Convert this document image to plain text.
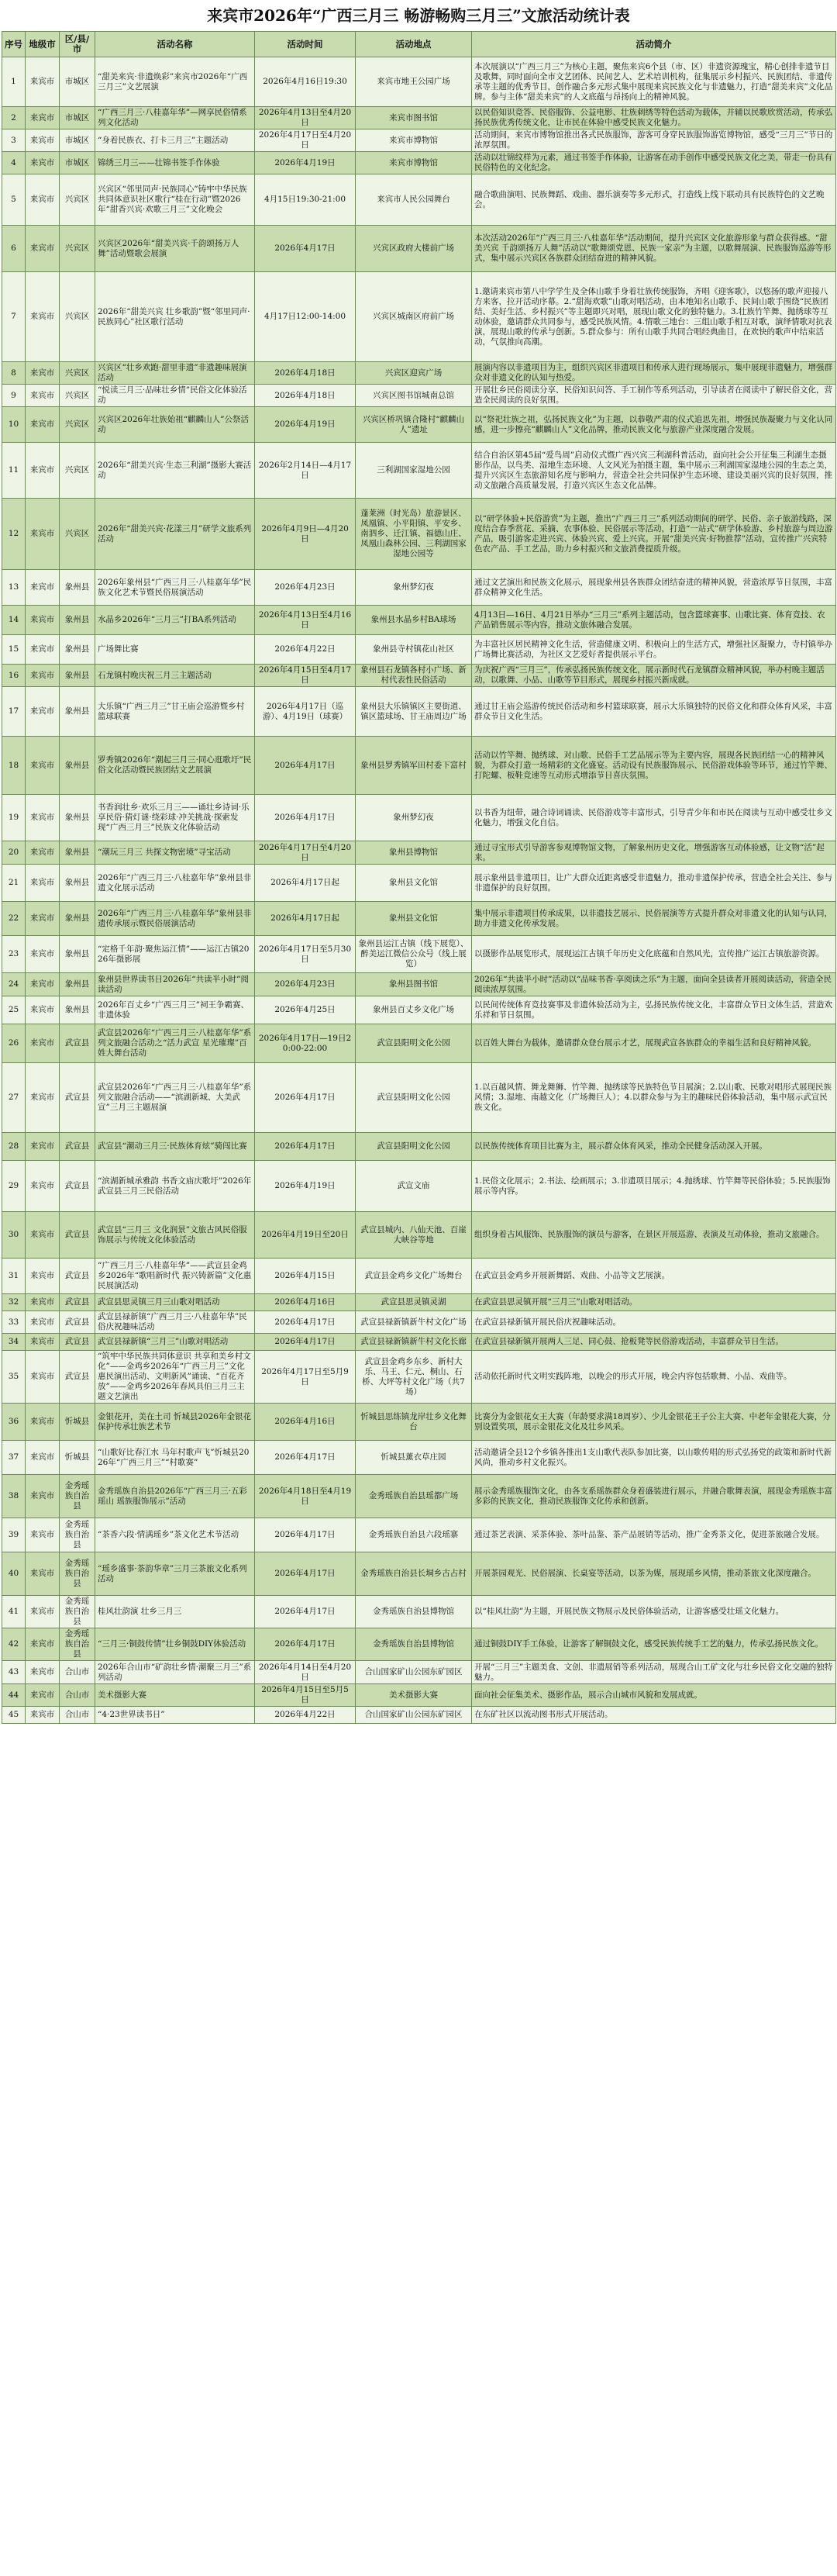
来宾市2026年“广西三月三 畅游畅购三月三”文旅活动统计表
序号	地级市	区/县/市	活动名称	活动时间	活动地点	活动简介
1	来宾市	市城区	“甜美来宾·非遗焕彩”来宾市2026年“广西三月三”文艺展演	2026年4月16日19:30	来宾市地王公园广场	本次展演以“广西三月三”为核心主题，聚焦来宾6个县（市、区）非遗资源瑰宝，精心创排非遗节目及歌舞，同时面向全市文艺团体、民间艺人、艺术培训机构，征集展示乡村振兴、民族团结、非遗传承等主题的优秀节目，创作融合多元形式集中展现来宾民族文化与非遗魅力，打造“甜美来宾”文化品牌。参与主体“甜美来宾”的人文底蕴与昂扬向上的精神风貌。
2	来宾市	市城区	“广西三月三·八桂嘉年华”—网享民俗情系列文化活动	2026年4月13日至4月20日	来宾市图书馆	以民俗知识竞答、民俗服饰、公益电影、壮族刺绣等特色活动为载体，并辅以民歌欣赏活动，传承弘扬民族优秀传统文化，让市民在体验中感受民族文化魅力。
3	来宾市	市城区	“身着民族衣、打卡三月三”主题活动	2026年4月17日至4月20日	来宾市博物馆	活动期间，来宾市博物馆推出各式民族服饰，游客可身穿民族服饰游览博物馆，感受“三月三”节日的浓厚氛围。
4	来宾市	市城区	锦绣三月三——壮锦书签手作体验	2026年4月19日	来宾市博物馆	活动以壮锦纹样为元素，通过书签手作体验，让游客在动手创作中感受民族文化之美，带走一份具有民俗特色的文化纪念。
5	来宾市	兴宾区	兴宾区“邻里同声·民族同心”铸牢中华民族共同体意识社区歌行“桂在行动”暨2026年“甜香兴宾·欢歌三月三”文化晚会	4月15日19:30-21:00	来宾市人民公园舞台	融合歌曲演唱、民族舞蹈、戏曲、器乐演奏等多元形式，打造线上线下联动具有民族特色的文艺晚会。
6	来宾市	兴宾区	兴宾区2026年“甜美兴宾·千韵颂扬万人舞”活动暨歌会展演	2026年4月17日	兴宾区政府大楼前广场	本次活动2026年“广西三月三·八桂嘉年华”活动期间，提升兴宾区文化旅游形象与群众获得感。“甜美兴宾 千韵颂扬万人舞”活动以“歌舞颂党恩、民族一家亲”为主题，以歌舞展演、民族服饰巡游等形式，集中展示兴宾区各族群众团结奋进的精神风貌。
7	来宾市	兴宾区	2026年“甜美兴宾 壮乡歌韵”暨“邻里同声·民族同心”社区歌行活动	4月17日12:00-14:00	兴宾区城南区府前广场	1.邀请来宾市第八中学学生及全体山歌手身着壮族传统服饰，齐唱《迎客歌》，以悠扬的歌声迎接八方来客，拉开活动序幕。2.“甜海欢歌”山歌对唱活动，由本地知名山歌手、民间山歌手围绕“民族团结、美好生活、乡村振兴”等主题即兴对唱，展现山歌文化的独特魅力。3.壮族竹竿舞、抛绣球等互动体验，邀请群众共同参与，感受民族风情。4.情歌三地台：三组山歌手相互对歌，演绎情歌对抗表演，展现山歌的传承与创新。5.群众参与：所有山歌手共同合唱经典曲目，在欢快的歌声中结束活动，气氛推向高潮。
8	来宾市	兴宾区	兴宾区“壮乡欢跑·甜里非遗”非遗趣味展演活动	2026年4月18日	兴宾区迎宾广场	展演内容以非遗项目为主，组织兴宾区非遗项目和传承人进行现场展示，集中展现非遗魅力，增强群众对非遗文化的认知与热爱。
9	来宾市	兴宾区	“悦读三月三·品味壮乡情”民俗文化体验活动	2026年4月18日	兴宾区图书馆城南总馆	开展壮乡民俗阅读分享、民俗知识问答、手工制作等系列活动，引导读者在阅读中了解民俗文化，营造全民阅读的良好氛围。
10	来宾市	兴宾区	兴宾区2026年壮族始祖“麒麟山人”公祭活动	2026年4月19日	兴宾区桥巩镇合隆村“麒麟山人”遗址	以“祭祀壮族之祖，弘扬民族文化”为主题，以恭敬严肃的仪式追思先祖，增强民族凝聚力与文化认同感，进一步擦亮“麒麟山人”文化品牌，推动民族文化与旅游产业深度融合发展。
11	来宾市	兴宾区	2026年“甜美兴宾·生态三利湖”摄影大赛活动	2026年2月14日—4月17日	三利湖国家湿地公园	结合自治区第45届“爱鸟周”启动仪式暨广西兴宾三利湖科普活动，面向社会公开征集三利湖生态摄影作品，以鸟类、湿地生态环境、人文风光为拍摄主题，集中展示三利湖国家湿地公园的生态之美，提升兴宾区生态旅游知名度与影响力，营造全社会共同保护生态环境、建设美丽兴宾的良好氛围，推动文旅融合高质量发展，打造兴宾区生态文化品牌。
12	来宾市	兴宾区	2026年“甜美兴宾·花漾三月”研学文旅系列活动	2026年4月9日—4月20日	蓬莱洲（时光岛）旅游景区、凤凰镇、小平阳镇、平安乡、南泗乡、迁江镇、福德山庄、凤凰山森林公园、三利湖国家湿地公园等	以“研学体验+民俗游赏”为主题，推出“广西三月三”系列活动期间的研学、民俗、亲子旅游线路，深度结合春季赏花、采摘、农事体验、民俗展示等活动，打造“一站式”研学体验游、乡村旅游与周边游产品，吸引游客走进兴宾、体验兴宾、爱上兴宾。开展“甜美兴宾·好物推荐”活动，宣传推广兴宾特色农产品、手工艺品，助力乡村振兴和文旅消费提质升级。
13	来宾市	象州县	2026年象州县“广西三月三·八桂嘉年华”民族文化艺术节暨民俗展演活动	2026年4月23日	象州梦幻夜	通过文艺演出和民族文化展示，展现象州县各族群众团结奋进的精神风貌，营造浓厚节日氛围，丰富群众精神文化生活。
14	来宾市	象州县	水晶乡2026年“三月三”打BA系列活动	2026年4月13日至4月16日	象州县水晶乡村BA球场	4月13日—16日、4月21日举办“三月三”系列主题活动，包含篮球赛事、山歌比赛、体育竞技、农产品销售展示等内容，推动文旅体融合发展。
15	来宾市	象州县	广场舞比赛	2026年4月22日	象州县寺村镇花山社区	为丰富社区居民精神文化生活，营造健康文明、积极向上的生活方式，增强社区凝聚力，寺村镇举办广场舞比赛活动，为社区文艺爱好者提供展示平台。
16	来宾市	象州县	石龙镇村晚庆祝三月三主题活动	2026年4月15日至4月17日	象州县石龙镇各村小广场、新村代表性民俗活动	为庆祝广西“三月三”，传承弘扬民族传统文化，展示新时代石龙镇群众精神风貌，举办村晚主题活动，以歌舞、小品、山歌等节目形式，展现乡村振兴新成就。
17	来宾市	象州县	大乐镇“广西三月三”甘王庙会巡游暨乡村篮球联赛	2026年4月17日（巡游）、4月19日（球赛）	象州县大乐镇镇区主要街道、镇区篮球场、甘王庙周边广场	通过甘王庙会巡游传统民俗活动和乡村篮球联赛，展示大乐镇独特的民俗文化和群众体育风采，丰富群众节日文化生活。
18	来宾市	象州县	罗秀镇2026年“潮起三月三·同心逛歌圩”民俗文化活动暨民族团结文艺展演	2026年4月17日	象州县罗秀镇军田村委下富村	活动以竹竿舞、抛绣球、对山歌、民俗手工艺品展示等为主要内容，展现各民族团结一心的精神风貌，为群众打造一场精彩的文化盛宴。活动设有民族服饰展示、民俗游戏体验等环节，通过竹竿舞、打陀螺、板鞋竞速等互动形式增添节日喜庆氛围。
19	来宾市	象州县	书香润壮乡·欢乐三月三——诵壮乡诗词·乐享民俗·猜灯谜·绕彩球·冲关挑战·探索发现“广西三月三”民族文化体验活动	2026年4月17日	象州梦幻夜	以书香为纽带，融合诗词诵读、民俗游戏等丰富形式，引导青少年和市民在阅读与互动中感受壮乡文化魅力，增强文化自信。
20	来宾市	象州县	“潮玩三月三 共探文物密境”寻宝活动	2026年4月17日至4月20日	象州县博物馆	通过寻宝形式引导游客参观博物馆文物，了解象州历史文化，增强游客互动体验感，让文物“活”起来。
21	来宾市	象州县	2026年“广西三月三·八桂嘉年华”象州县非遗文化展示活动	2026年4月17日起	象州县文化馆	展示象州县非遗项目，让广大群众近距离感受非遗魅力，推动非遗保护传承，营造全社会关注、参与非遗保护的良好氛围。
22	来宾市	象州县	2026年“广西三月三·八桂嘉年华”象州县非遗传承展示暨民俗展演活动	2026年4月17日起	象州县文化馆	集中展示非遗项目传承成果，以非遗技艺展示、民俗展演等方式提升群众对非遗文化的认知与认同，助力非遗文化传承发展。
23	来宾市	象州县	“定格千年韵·聚焦运江情”——运江古镇2026年摄影展	2026年4月17日至5月30日	象州县运江古镇（线下展览）、醉美运江微信公众号（线上展览）	以摄影作品展览形式，展现运江古镇千年历史文化底蕴和自然风光，宣传推广运江古镇旅游资源。
24	来宾市	象州县	象州县世界读书日2026年“共读半小时”阅读活动	2026年4月23日	象州县图书馆	2026年“共读半小时”活动以“品味书香·享阅读之乐”为主题，面向全县读者开展阅读活动，营造全民阅读浓厚氛围。
25	来宾市	象州县	2026年百丈乡“广西三月三”祠王争霸赛、非遗体验	2026年4月25日	象州县百丈乡文化广场	以民间传统体育竞技赛事及非遗体验活动为主，弘扬民族传统文化，丰富群众节日文体生活，营造欢乐祥和节日氛围。
26	来宾市	武宣县	武宣县2026年“广西三月三·八桂嘉年华”系列文旅融合活动之“活力武宣 星光璀璨”百姓大舞台活动	2026年4月17日—19日20:00-22:00	武宣县阳明文化公园	以百姓大舞台为载体，邀请群众登台展示才艺，展现武宣各族群众的幸福生活和良好精神风貌。
27	来宾市	武宣县	武宣县2026年“广西三月三·八桂嘉年华”系列文旅融合活动——“滨湖新城、大美武宣”三月三主题展演	2026年4月17日	武宣县阳明文化公园	1.以百越风情、舞龙舞狮、竹竿舞、抛绣球等民族特色节目展演；2.以山歌、民歌对唱形式展现民族风情；3.湿地、南越文化（广场舞巨人）；4.以群众参与为主的趣味民俗体验活动，集中展示武宣民族文化。
28	来宾市	武宣县	武宣县“潮动三月三·民族体育炫”骑闯比赛	2026年4月17日	武宣县阳明文化公园	以民族传统体育项目比赛为主，展示群众体育风采，推动全民健身活动深入开展。
29	来宾市	武宣县	“滨湖新城承雅韵 书香文庙庆歌圩”2026年武宣县三月三民俗活动	2026年4月19日	武宣文庙	1.民俗文化展示；2.书法、绘画展示；3.非遗项目展示；4.抛绣球、竹竿舞等民俗体验；5.民族服饰展示等内容。
30	来宾市	武宣县	武宣县“三月三 文化润景”文旅古风民俗服饰展示与传统文化体验活动	2026年4月19日至20日	武宣县城内、八仙天池、百崖大峡谷等地	组织身着古风服饰、民族服饰的演员与游客，在景区开展巡游、表演及互动体验，推动文旅融合。
31	来宾市	武宣县	“广西三月三·八桂嘉年华”——武宣县金鸡乡2026年“歌唱新时代 振兴铸新篇”文化惠民展演活动	2026年4月15日	武宣县金鸡乡文化广场舞台	在武宣县金鸡乡开展新舞蹈、戏曲、小品等文艺展演。
32	来宾市	武宣县	武宣县思灵镇三月三山歌对唱活动	2026年4月16日	武宣县思灵镇灵湖	在武宣县思灵镇开展“三月三”山歌对唱活动。
33	来宾市	武宣县	武宣县禄新镇“广西三月三·八桂嘉年华”民俗庆祝趣味活动	2026年4月17日	武宣县禄新镇新牛村文化广场	在武宣县禄新镇开展民俗庆祝趣味活动。
34	来宾市	武宣县	武宣县禄新镇“三月三”山歌对唱活动	2026年4月17日	武宣县禄新镇新牛村文化长廊	在武宣县禄新镇开展两人三足、同心鼓、抢板凳等民俗游戏活动，丰富群众节日生活。
35	来宾市	武宣县	“筑牢中华民族共同体意识 共享和美乡村文化”——金鸡乡2026年“广西三月三”文化惠民演出活动、文明新风”诵读、“百花齐放”——金鸡乡2026年春风具伯三月三主题文艺演出	2026年4月17日至5月9日	武宣县金鸡乡东乡、新村大乐、马王、仁元、桐山、石桥、大坪等村文化广场（共7场）	活动依托新时代文明实践阵地，以晚会的形式开展，晚会内容包括歌舞、小品、戏曲等。
36	来宾市	忻城县	金银花开，美在土司 忻城县2026年金银花保护传承壮族艺术节	2026年4月16日	忻城县思练镇龙岸壮乡文化舞台	比赛分为金银花女王大赛（年龄要求满18周岁）、少儿金银花王子公主大赛、中老年金银花大赛，分别设置奖项，展示金银花文化及壮乡风采。
37	来宾市	忻城县	“山歌好比春江水 马年村歌声飞”忻城县2026年“广西三月三”“村歌赛”	2026年4月17日	忻城县薰衣草庄园	活动邀请全县12个乡镇各推出1支山歌代表队参加比赛，以山歌传唱的形式弘扬党的政策和新时代新风尚，推动乡村文化振兴。
38	来宾市	金秀瑶族自治县	金秀瑶族自治县2026年“广西三月三·五彩瑶山 瑶族服饰展示”活动	2026年4月18日至4月19日	金秀瑶族自治县瑶都广场	展示金秀瑶族服饰文化，由各支系瑶族群众身着盛装进行展示，并融合歌舞表演，展现金秀瑶族丰富多彩的民族文化，推动民族服饰文化传承和创新。
39	来宾市	金秀瑶族自治县	“茶香六段·情满瑶乡”茶文化艺术节活动	2026年4月17日	金秀瑶族自治县六段瑶寨	通过茶艺表演、采茶体验、茶叶品鉴、茶产品展销等活动，推广金秀茶文化，促进茶旅融合发展。
40	来宾市	金秀瑶族自治县	“瑶乡盛事·茶韵华章”三月三茶旅文化系列活动	2026年4月17日	金秀瑶族自治县长垌乡古占村	开展茶园观光、民俗展演、长桌宴等活动，以茶为媒，展现瑶乡风情，推动茶旅文化深度融合。
41	来宾市	金秀瑶族自治县	桂风壮韵演 壮乡三月三	2026年4月17日	金秀瑶族自治县博物馆	以“桂风壮韵”为主题，开展民族文物展示及民俗体验活动，让游客感受壮瑶文化魅力。
42	来宾市	金秀瑶族自治县	“三月三·铜鼓传情”壮乡铜鼓DIY体验活动	2026年4月17日	金秀瑶族自治县博物馆	通过铜鼓DIY手工体验，让游客了解铜鼓文化，感受民族传统手工艺的魅力，传承弘扬民族文化。
43	来宾市	合山市	2026年合山市“矿韵壮乡情·潮聚三月三”系列活动	2026年4月14日至4月20日	合山国家矿山公园东矿园区	开展“三月三”主题美食、文创、非遗展销等系列活动，展现合山工矿文化与壮乡民俗文化交融的独特魅力。
44	来宾市	合山市	美术摄影大赛	2026年4月15日至5月5日	美术摄影大赛	面向社会征集美术、摄影作品，展示合山城市风貌和发展成就。
45	来宾市	合山市	“4·23世界读书日”	2026年4月22日	合山国家矿山公园东矿园区	在东矿社区以流动图书形式开展活动。
